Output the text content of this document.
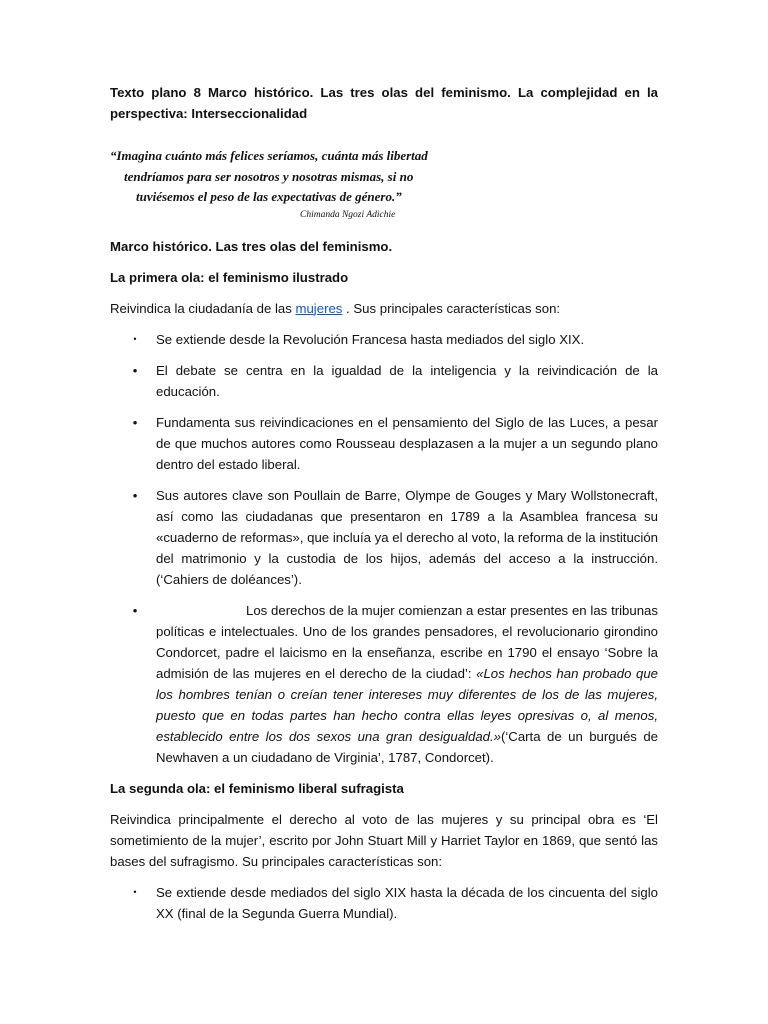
Texto plano 8 Marco histórico. Las tres olas del feminismo. La complejidad en la perspectiva: Interseccionalidad

“Imagina cuánto más felices seríamos, cuánta más libertad
tendríamos para ser nosotros y nosotras mismas, si no
tuviésemos el peso de las expectativas de género.”
Chimanda Ngozi Adichie

Marco histórico. Las tres olas del feminismo.

La primera ola: el feminismo ilustrado

Reivindica la ciudadanía de las mujeres . Sus principales características son:

• Se extiende desde la Revolución Francesa hasta mediados del siglo XIX.

• El debate se centra en la igualdad de la inteligencia y la reivindicación de la educación.

• Fundamenta sus reivindicaciones en el pensamiento del Siglo de las Luces, a pesar de que muchos autores como Rousseau desplazasen a la mujer a un segundo plano dentro del estado liberal.

• Sus autores clave son Poullain de Barre, Olympe de Gouges y Mary Wollstonecraft, así como las ciudadanas que presentaron en 1789 a la Asamblea francesa su «cuaderno de reformas», que incluía ya el derecho al voto, la reforma de la institución del matrimonio y la custodia de los hijos, además del acceso a la instrucción. (‘Cahiers de doléances’).

•	Los derechos de la mujer comienzan a estar presentes en las tribunas políticas e intelectuales. Uno de los grandes pensadores, el revolucionario girondino Condorcet, padre el laicismo en la enseñanza, escribe en 1790 el ensayo ‘Sobre la admisión de las mujeres en el derecho de la ciudad’: «Los hechos han probado que los hombres tenían o creían tener intereses muy diferentes de los de las mujeres, puesto que en todas partes han hecho contra ellas leyes opresivas o, al menos, establecido entre los dos sexos una gran desigualdad.»(‘Carta de un burgués de Newhaven a un ciudadano de Virginia’, 1787, Condorcet).

La segunda ola: el feminismo liberal sufragista

Reivindica principalmente el derecho al voto de las mujeres y su principal obra es ‘El sometimiento de la mujer’, escrito por John Stuart Mill y Harriet Taylor en 1869, que sentó las bases del sufragismo. Su principales características son:

• Se extiende desde mediados del siglo XIX hasta la década de los cincuenta del siglo XX (final de la Segunda Guerra Mundial).
